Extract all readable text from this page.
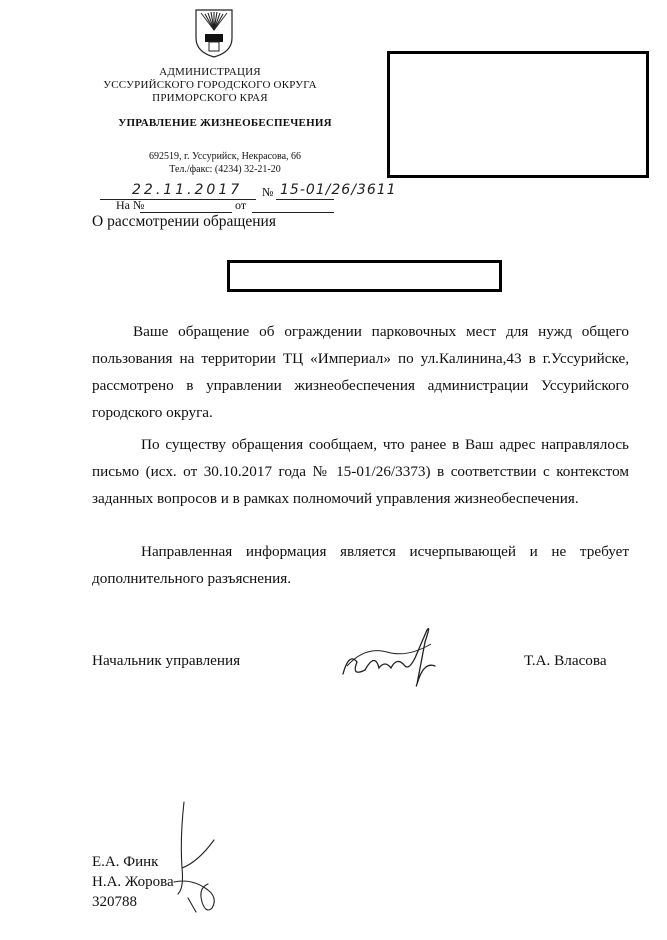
АДМИНИСТРАЦИЯ
УССУРИЙСКОГО ГОРОДСКОГО ОКРУГА
ПРИМОРСКОГО КРАЯ
УПРАВЛЕНИЕ ЖИЗНЕОБЕСПЕЧЕНИЯ
692519, г. Уссурийск, Некрасова, 66
Тел./факс: (4234) 32-21-20
22.11.2017 № 15-01/26/3611
На №	от
О рассмотрении обращения
Ваше обращение об ограждении парковочных мест для нужд общего пользования на территории ТЦ «Империал» по ул.Калинина,43 в г.Уссурийске, рассмотрено в управлении жизнеобеспечения администрации Уссурийского городского округа.
По существу обращения сообщаем, что ранее в Ваш адрес направлялось письмо (исх. от 30.10.2017 года № 15-01/26/3373) в соответствии с контекстом заданных вопросов и в рамках полномочий управления жизнеобеспечения.
Направленная информация является исчерпывающей и не требует дополнительного разъяснения.
Начальник управления	Т.А. Власова
Е.А. Финк
Н.А. Жорова
320788
